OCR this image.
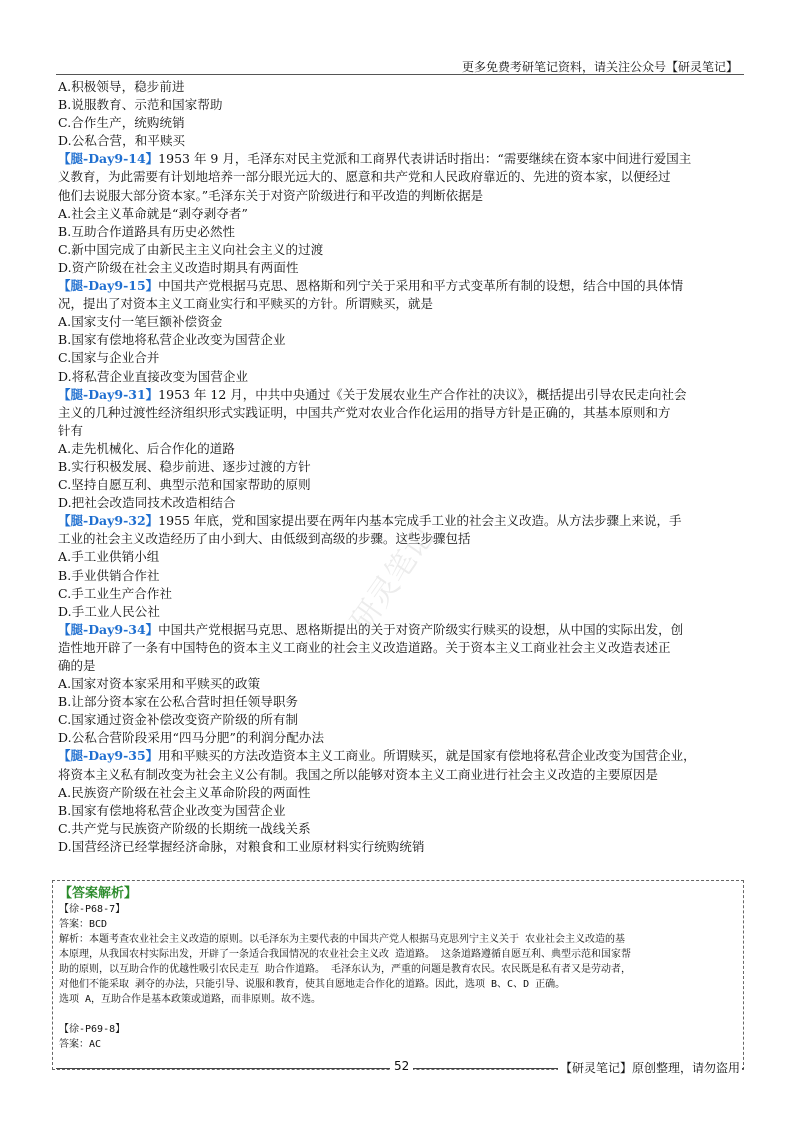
更多免费考研笔记资料，请关注公众号【研灵笔记】
研灵笔记
A.积极领导，稳步前进
B.说服教育、示范和国家帮助
C.合作生产，统购统销
D.公私合营，和平赎买
【腿-Day9-14】1953 年 9 月，毛泽东对民主党派和工商界代表讲话时指出：“需要继续在资本家中间进行爱国主
义教育，为此需要有计划地培养一部分眼光远大的、愿意和共产党和人民政府靠近的、先进的资本家，以便经过
他们去说服大部分资本家。”毛泽东关于对资产阶级进行和平改造的判断依据是
A.社会主义革命就是“剥夺剥夺者”
B.互助合作道路具有历史必然性
C.新中国完成了由新民主主义向社会主义的过渡
D.资产阶级在社会主义改造时期具有两面性
【腿-Day9-15】中国共产党根据马克思、恩格斯和列宁关于采用和平方式变革所有制的设想，结合中国的具体情
况，提出了对资本主义工商业实行和平赎买的方针。所谓赎买，就是
A.国家支付一笔巨额补偿资金
B.国家有偿地将私营企业改变为国营企业
C.国家与企业合并
D.将私营企业直接改变为国营企业
【腿-Day9-31】1953 年 12 月，中共中央通过《关于发展农业生产合作社的决议》，概括提出引导农民走向社会
主义的几种过渡性经济组织形式实践证明，中国共产党对农业合作化运用的指导方针是正确的，其基本原则和方
针有
A.走先机械化、后合作化的道路
B.实行积极发展、稳步前进、逐步过渡的方针
C.坚持自愿互利、典型示范和国家帮助的原则
D.把社会改造同技术改造相结合
【腿-Day9-32】1955 年底，党和国家提出要在两年内基本完成手工业的社会主义改造。从方法步骤上来说，手
工业的社会主义改造经历了由小到大、由低级到高级的步骤。这些步骤包括
A.手工业供销小组
B.手业供销合作社
C.手工业生产合作社
D.手工业人民公社
【腿-Day9-34】中国共产党根据马克思、恩格斯提出的关于对资产阶级实行赎买的设想，从中国的实际出发，创
造性地开辟了一条有中国特色的资本主义工商业的社会主义改造道路。关于资本主义工商业社会主义改造表述正
确的是
A.国家对资本家采用和平赎买的政策
B.让部分资本家在公私合营时担任领导职务
C.国家通过资金补偿改变资产阶级的所有制
D.公私合营阶段采用“四马分肥”的利润分配办法
【腿-Day9-35】用和平赎买的方法改造资本主义工商业。所谓赎买，就是国家有偿地将私营企业改变为国营企业，
将资本主义私有制改变为社会主义公有制。我国之所以能够对资本主义工商业进行社会主义改造的主要原因是
A.民族资产阶级在社会主义革命阶段的两面性
B.国家有偿地将私营企业改变为国营企业
C.共产党与民族资产阶级的长期统一战线关系
D.国营经济已经掌握经济命脉，对粮食和工业原材料实行统购统销
【答案解析】
【徐-P68-7】
答案：BCD
解析：本题考查农业社会主义改造的原则。以毛泽东为主要代表的中国共产党人根据马克思列宁主义关于 农业社会主义改造的基
本原理，从我国农村实际出发，开辟了一条适合我国情况的农业社会主义改 造道路。 这条道路遵循自愿互利、典型示范和国家帮
助的原则，以互助合作的优越性吸引农民走互 助合作道路。 毛泽东认为，严重的问题是教育农民。农民既是私有者又是劳动者，
对他们不能采取 剥夺的办法，只能引导、说服和教育，使其自愿地走合作化的道路。因此，选项 B、C、D 正确。
选项 A，互助合作是基本政策或道路，而非原则。故不选。

【徐-P69-8】
答案：AC
52	【研灵笔记】原创整理，请勿盗用
